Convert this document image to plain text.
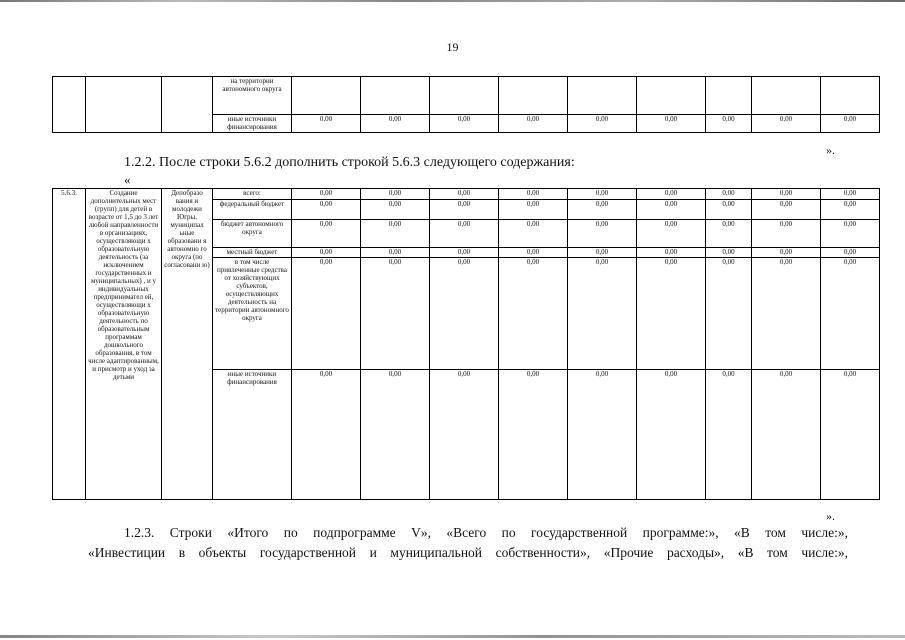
19
			на территории автономного округа									
			иные источники финансирования	0,00	0,00	0,00	0,00	0,00	0,00	0,00	0,00	0,00
».
1.2.2. После строки 5.6.2 дополнить строкой 5.6.3 следующего содержания:
«
5.6.3.	Создание дополнительных мест (групп) для детей в возрасте от 1,5 до 3 лет любой направленности в организациях, осуществляющи х образовательную деятельность (за исключением государственных и муниципальных) , и у индивидуальных предпринимател ей, осуществляющи х образовательную деятельность по образовательным программам дошкольного образования, в том числе адаптированным, и присмотр и уход за детьми	Депобразо вания и молодежи Югры, муниципал ьные образовани я автономно го округа (по согласовани ю)	всего:	0,00	0,00	0,00	0,00	0,00	0,00	0,00	0,00	0,00
			федеральный бюджет	0,00	0,00	0,00	0,00	0,00	0,00	0,00	0,00	0,00
			бюджет автономного округа	0,00	0,00	0,00	0,00	0,00	0,00	0,00	0,00	0,00
			местный бюджет	0,00	0,00	0,00	0,00	0,00	0,00	0,00	0,00	0,00
			в том числе привлеченные средства от хозяйствующих субъектов, осуществляющих деятельность на территории автономного округа	0,00	0,00	0,00	0,00	0,00	0,00	0,00	0,00	0,00
			иные источники финансирования	0,00	0,00	0,00	0,00	0,00	0,00	0,00	0,00	0,00
».
1.2.3. Строки «Итого по подпрограмме V», «Всего по государственной программе:», «В том числе:»,
«Инвестиции в объекты государственной и муниципальной собственности», «Прочие расходы», «В том числе:»,
